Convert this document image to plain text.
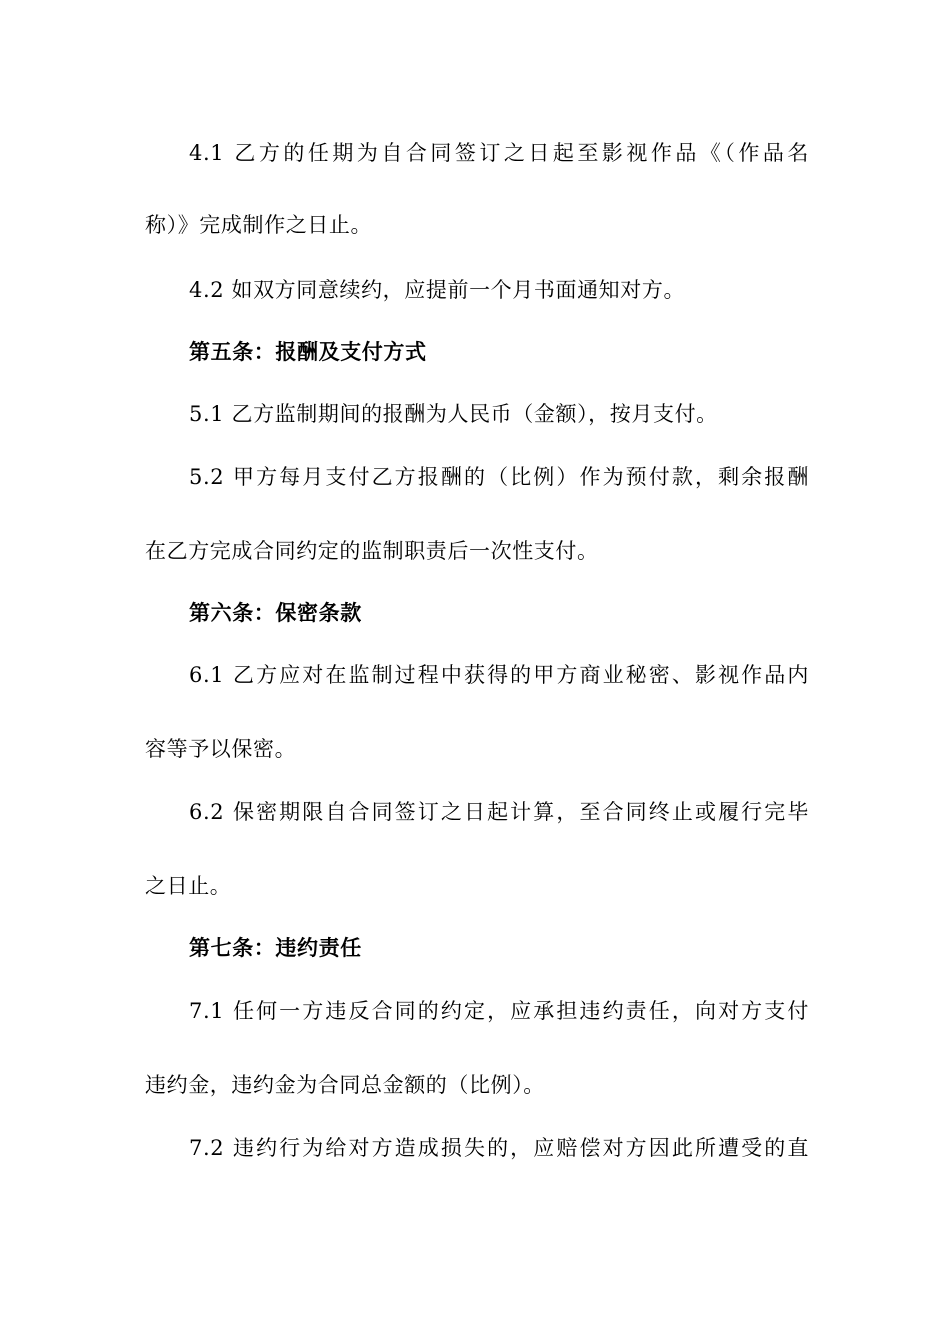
4.1 乙方的任期为自合同签订之日起至影视作品《（作品名
称）》完成制作之日止。
4.2 如双方同意续约，应提前一个月书面通知对方。
第五条：报酬及支付方式
5.1 乙方监制期间的报酬为人民币（金额），按月支付。
5.2 甲方每月支付乙方报酬的（比例）作为预付款，剩余报酬
在乙方完成合同约定的监制职责后一次性支付。
第六条：保密条款
6.1 乙方应对在监制过程中获得的甲方商业秘密、影视作品内
容等予以保密。
6.2 保密期限自合同签订之日起计算，至合同终止或履行完毕
之日止。
第七条：违约责任
7.1 任何一方违反合同的约定，应承担违约责任，向对方支付
违约金，违约金为合同总金额的（比例）。
7.2 违约行为给对方造成损失的，应赔偿对方因此所遭受的直
